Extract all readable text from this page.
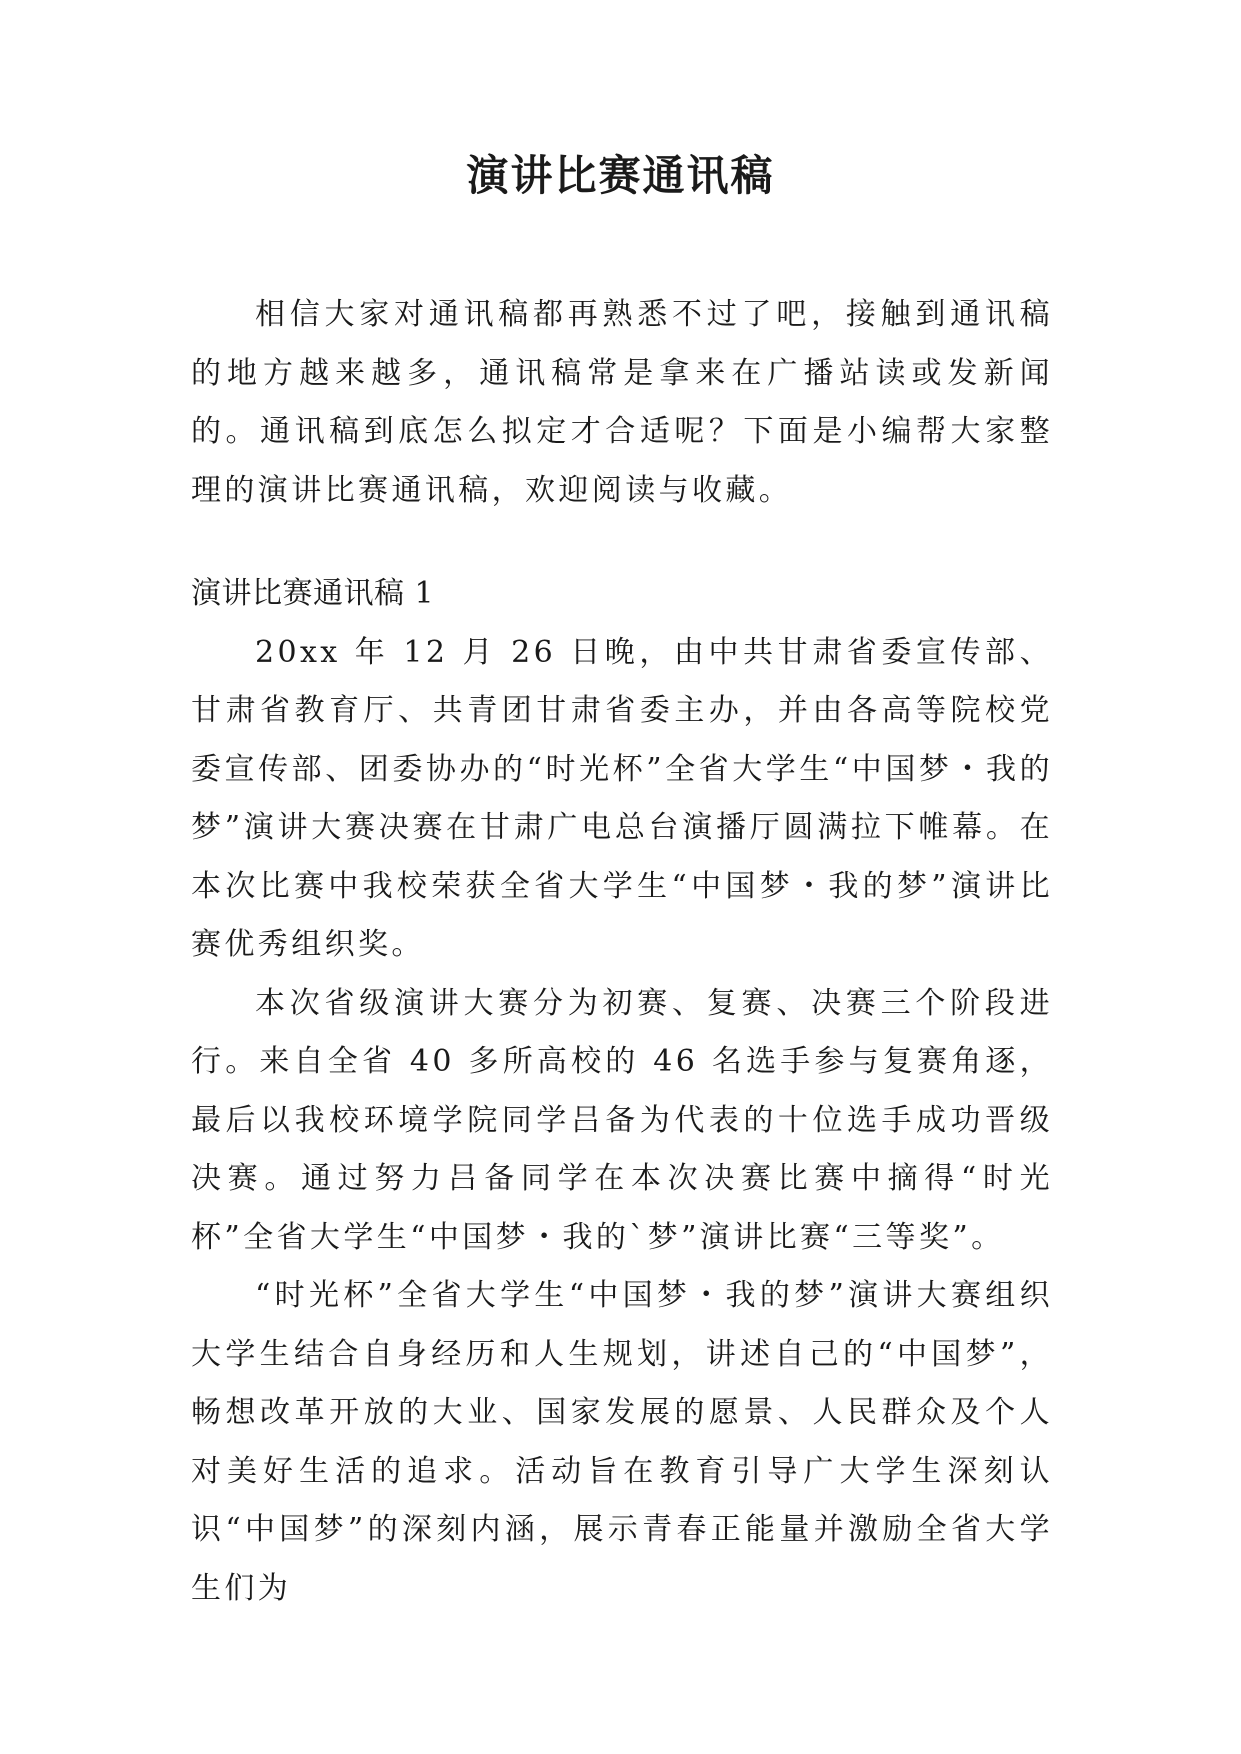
演讲比赛通讯稿

相信大家对通讯稿都再熟悉不过了吧，接触到通讯稿的地方越来越多，通讯稿常是拿来在广播站读或发新闻的。通讯稿到底怎么拟定才合适呢？下面是小编帮大家整理的演讲比赛通讯稿，欢迎阅读与收藏。

演讲比赛通讯稿 1

20xx 年 12 月 26 日晚，由中共甘肃省委宣传部、甘肃省教育厅、共青团甘肃省委主办，并由各高等院校党委宣传部、团委协办的“时光杯”全省大学生“中国梦・我的梦”演讲大赛决赛在甘肃广电总台演播厅圆满拉下帷幕。在本次比赛中我校荣获全省大学生“中国梦・我的梦”演讲比赛优秀组织奖。

本次省级演讲大赛分为初赛、复赛、决赛三个阶段进行。来自全省 40 多所高校的 46 名选手参与复赛角逐，最后以我校环境学院同学吕备为代表的十位选手成功晋级决赛。通过努力吕备同学在本次决赛比赛中摘得“时光杯”全省大学生“中国梦・我的`梦”演讲比赛“三等奖”。

“时光杯”全省大学生“中国梦・我的梦”演讲大赛组织大学生结合自身经历和人生规划，讲述自己的“中国梦”，畅想改革开放的大业、国家发展的愿景、人民群众及个人对美好生活的追求。活动旨在教育引导广大学生深刻认识“中国梦”的深刻内涵，展示青春正能量并激励全省大学生们为
